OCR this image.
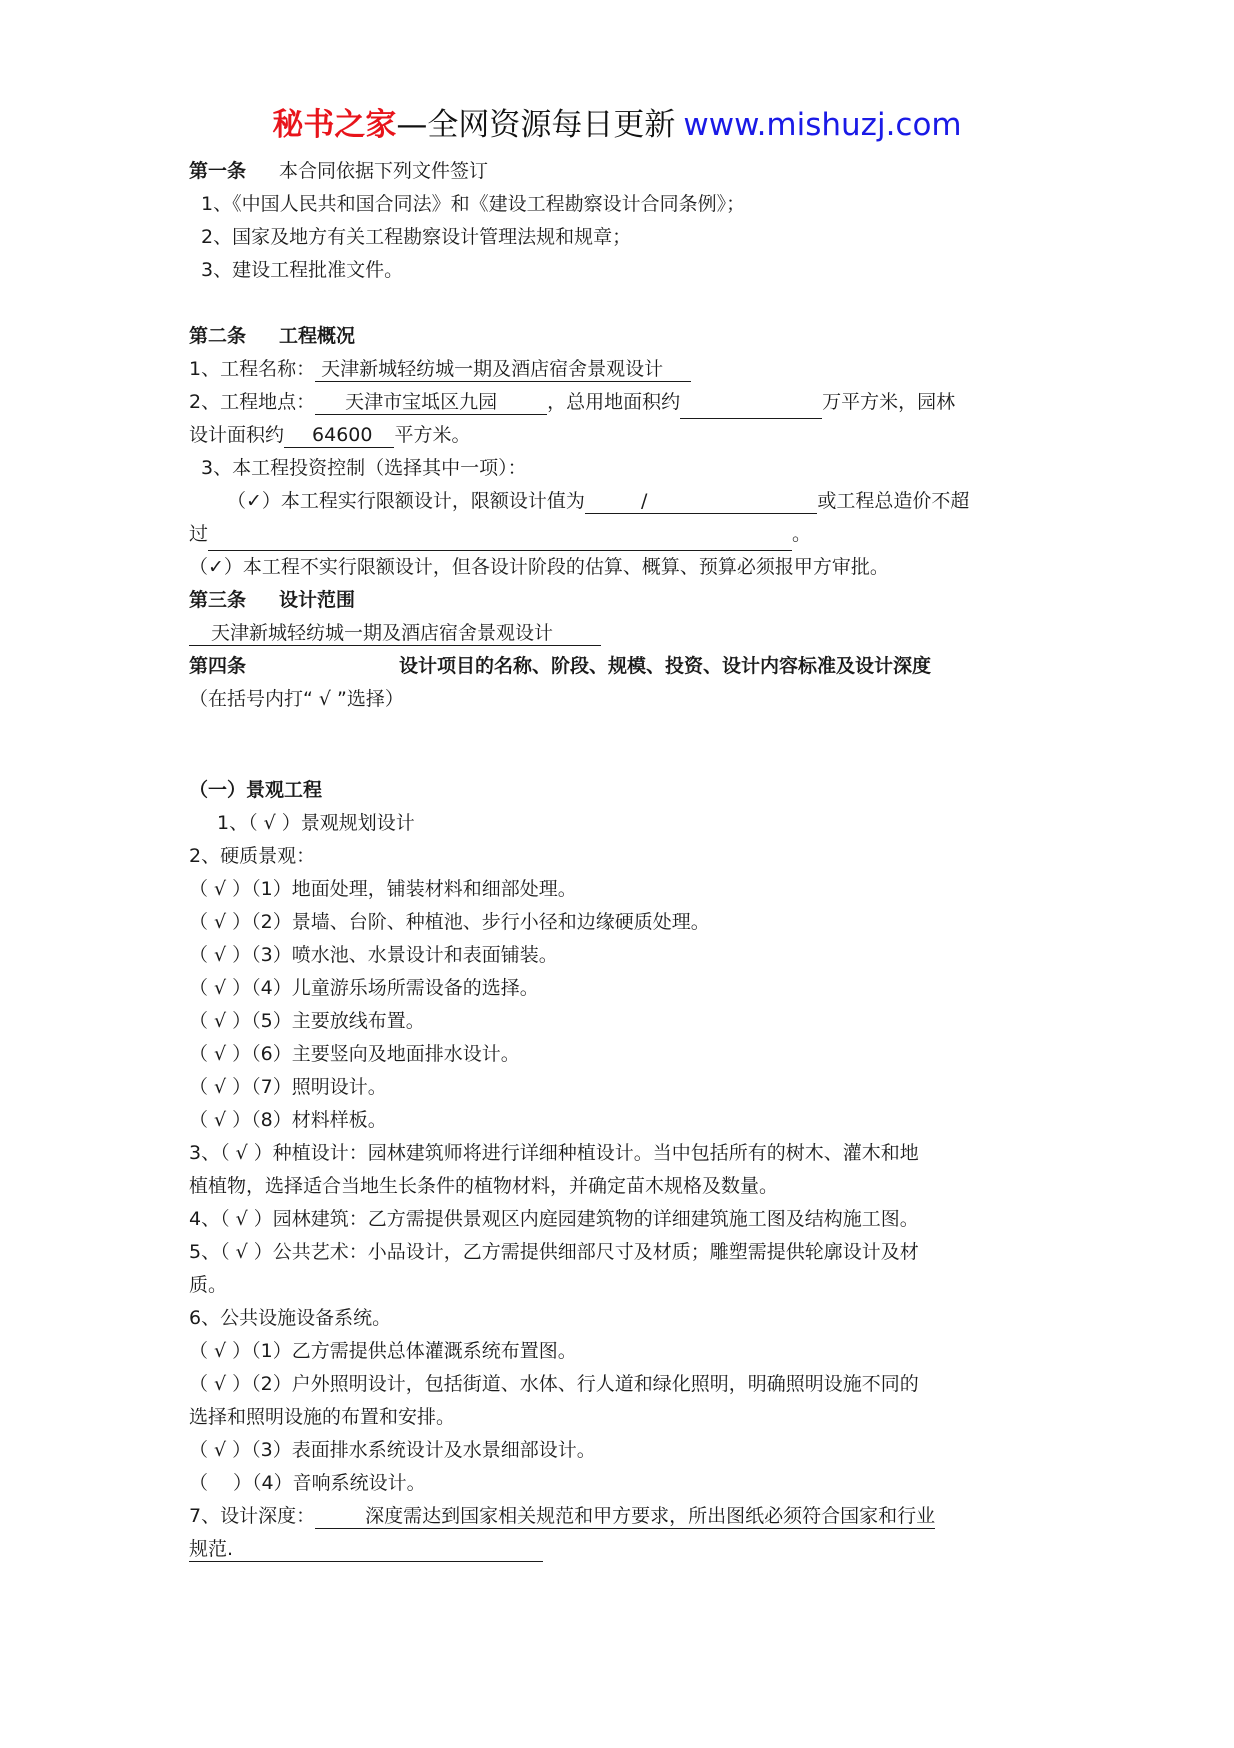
秘书之家—全网资源每日更新 www.mishuzj.com
第一条 本合同依据下列文件签订
1、《中国人民共和国合同法》和《建设工程勘察设计合同条例》；
2、国家及地方有关工程勘察设计管理法规和规章；
3、建设工程批准文件。
第二条 工程概况
1、工程名称： 天津新城轻纺城一期及酒店宿舍景观设计
2、工程地点： 天津市宝坻区九园	，总用地面积约	万平方米，园林
设计面积约 64600 平方米。
3、本工程投资控制（选择其中一项）：
（✓）本工程实行限额设计，限额设计值为	/	或工程总造价不超
过	。
（✓）本工程不实行限额设计，但各设计阶段的估算、概算、预算必须报甲方审批。
第三条 设计范围
天津新城轻纺城一期及酒店宿舍景观设计
第四条	设计项目的名称、阶段、规模、投资、设计内容标准及设计深度
（在括号内打“ √ ”选择）
（一）景观工程
1、（ √ ）景观规划设计
2、硬质景观：
（ √ ）（1）地面处理，铺装材料和细部处理。
（ √ ）（2）景墙、台阶、种植池、步行小径和边缘硬质处理。
（ √ ）（3）喷水池、水景设计和表面铺装。
（ √ ）（4）儿童游乐场所需设备的选择。
（ √ ）（5）主要放线布置。
（ √ ）（6）主要竖向及地面排水设计。
（ √ ）（7）照明设计。
（ √ ）（8）材料样板。
3、（ √ ）种植设计：园林建筑师将进行详细种植设计。当中包括所有的树木、灌木和地
植植物，选择适合当地生长条件的植物材料，并确定苗木规格及数量。
4、（ √ ）园林建筑：乙方需提供景观区内庭园建筑物的详细建筑施工图及结构施工图。
5、（ √ ）公共艺术：小品设计，乙方需提供细部尺寸及材质；雕塑需提供轮廓设计及材
质。
6、公共设施设备系统。
（ √ ）（1）乙方需提供总体灌溉系统布置图。
（ √ ）（2）户外照明设计，包括街道、水体、行人道和绿化照明，明确照明设施不同的
选择和照明设施的布置和安排。
（ √ ）（3）表面排水系统设计及水景细部设计。
（　 ）（4）音响系统设计。
7、设计深度：	深度需达到国家相关规范和甲方要求，所出图纸必须符合国家和行业
规范.
